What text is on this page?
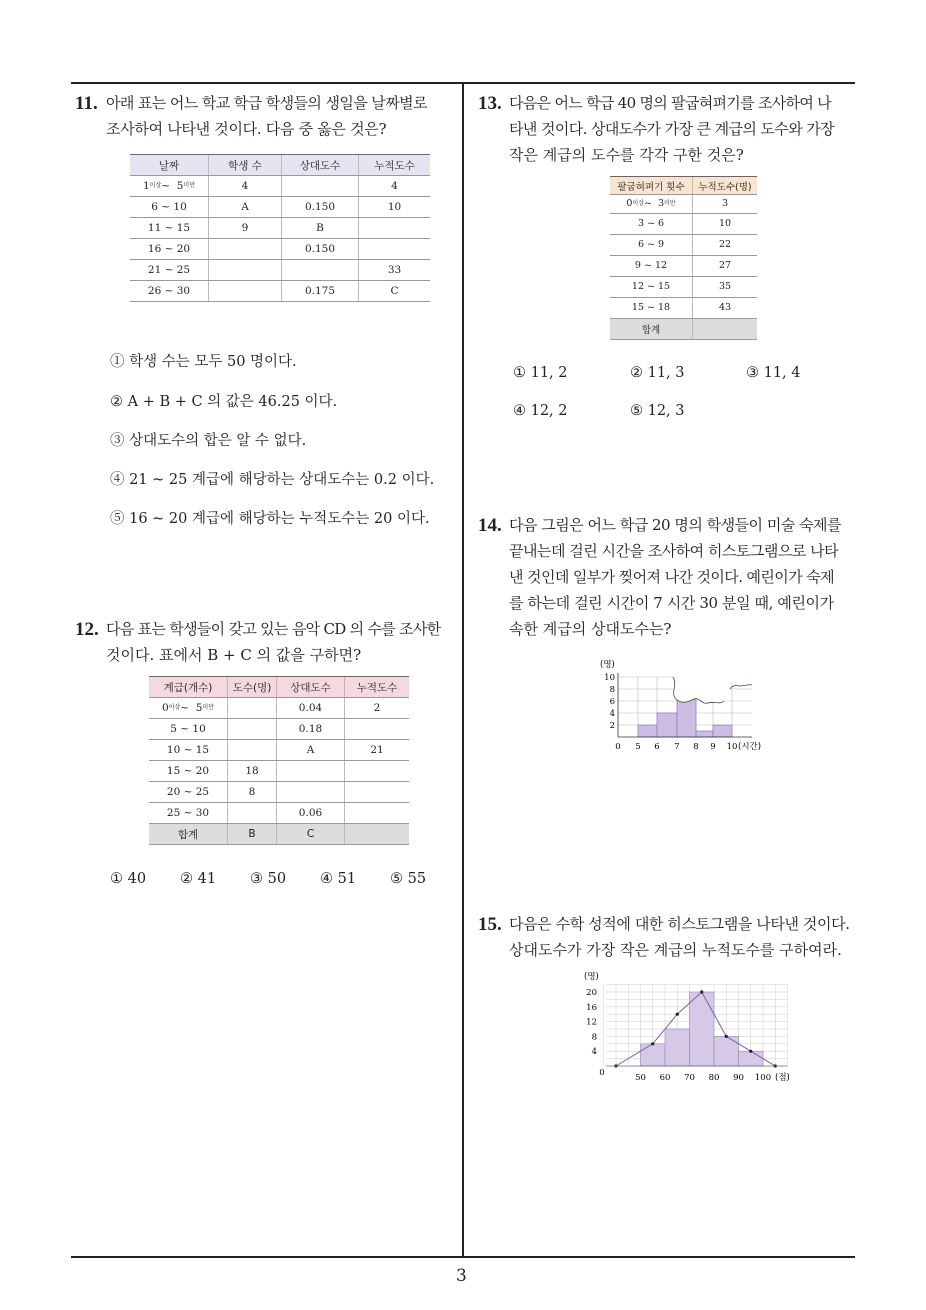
3
11. 아래 표는 어느 학교 학급 학생들의 생일을 날짜별로
조사하여 나타낸 것이다. 다음 중 옳은 것은?
날짜	학생 수	상대도수	누적도수
$1^{이상}\sim$  $5^{미만}$	4		4
6 ~ 10	A	0.150	10
11 ~ 15	9	B	
16 ~ 20		0.150	
21 ~ 25			33
26 ~ 30		0.175	C
① 학생 수는 모두 50 명이다.
② A + B + C 의 값은 46.25 이다.
③ 상대도수의 합은 알 수 없다.
④ 21 ~ 25 계급에 해당하는 상대도수는 0.2 이다.
⑤ 16 ~ 20 계급에 해당하는 누적도수는 20 이다.
12. 다음 표는 학생들이 갖고 있는 음악 CD 의 수를 조사한
것이다. 표에서 B + C 의 값을 구하면?
계급(개수)	도수(명)	상대도수	누적도수
$0^{이상}\sim$  $5^{미만}$		0.04	2
5 ~ 10		0.18	
10 ~ 15		A	21
15 ~ 20	18		
20 ~ 25	8		
25 ~ 30		0.06	
합계	B	C	
① 40 ② 41 ③ 50 ④ 51 ⑤ 55
13. 다음은 어느 학급 40 명의 팔굽혀펴기를 조사하여 나
타낸 것이다. 상대도수가 가장 큰 계급의 도수와 가장
작은 계급의 도수를 각각 구한 것은?
팔굽혀펴기 횟수	누적도수(명)
$0^{이상}\sim$  $3^{미만}$	3
3 ~ 6	10
6 ~ 9	22
9 ~ 12	27
12 ~ 15	35
15 ~ 18	43
합계	
① 11, 2	② 11, 3	③ 11, 4
④ 12, 2	⑤ 12, 3
14. 다음 그림은 어느 학급 20 명의 학생들이 미술 숙제를
끝내는데 걸린 시간을 조사하여 히스토그램으로 나타
낸 것인데 일부가 찢어져 나간 것이다. 예린이가 숙제
를 하는데 걸린 시간이 7 시간 30 분일 때, 예린이가
속한 계급의 상대도수는?
2
4
6
8
10
(명)
0 5 6 7 8 9 10 (시간)
15. 다음은 수학 성적에 대한 히스토그램을 나타낸 것이다.
상대도수가 가장 작은 계급의 누적도수를 구하여라.
4
8
12
16
20
(명)
0	50 60 70 80 90 100 (점)
